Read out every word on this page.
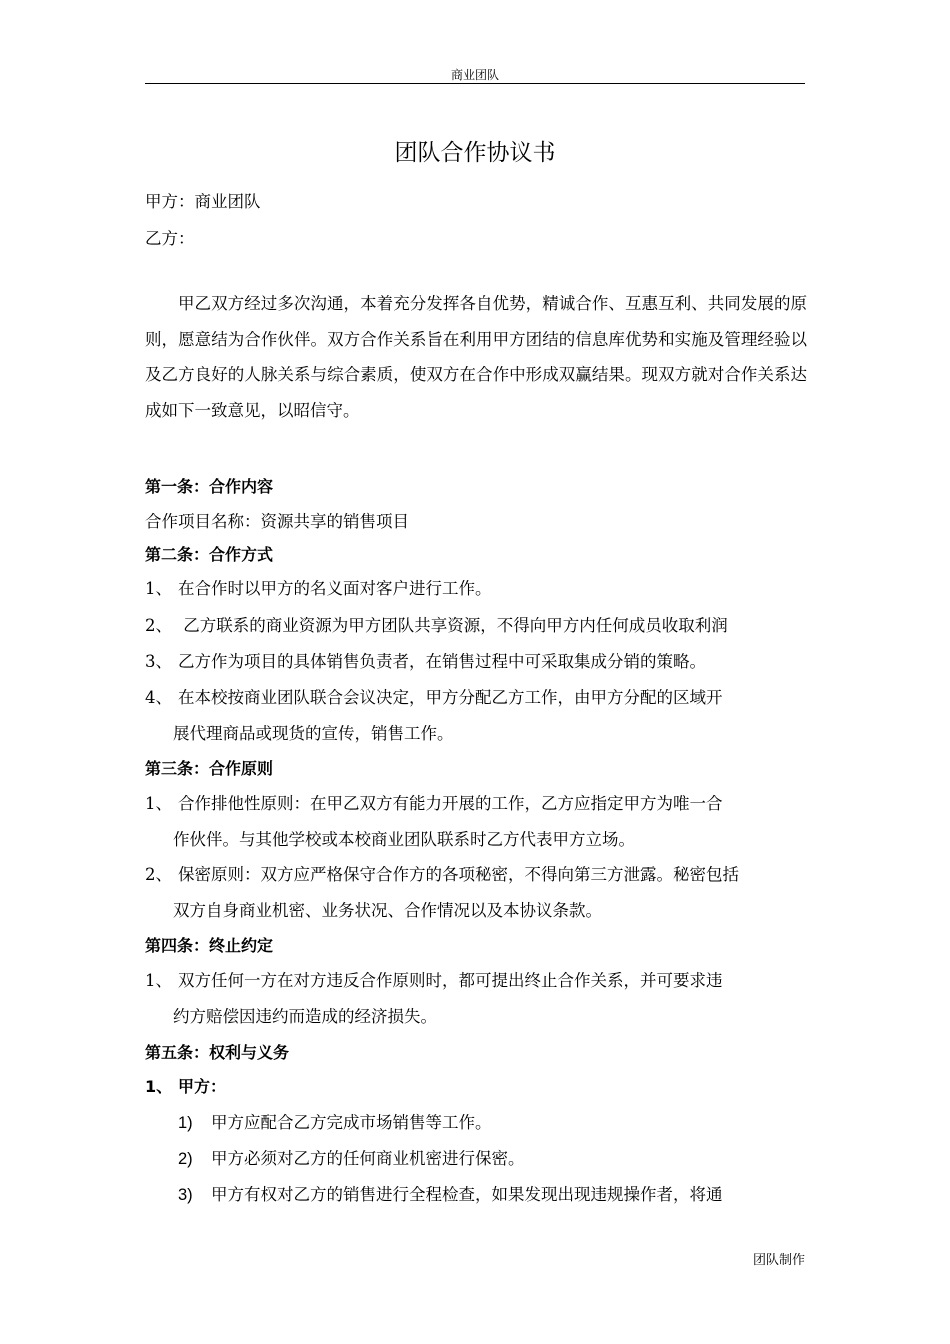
商业团队
团队合作协议书
甲方：商业团队
乙方：
甲乙双方经过多次沟通，本着充分发挥各自优势，精诚合作、互惠互利、共同发展的原则，愿意结为合作伙伴。双方合作关系旨在利用甲方团结的信息库优势和实施及管理经验以及乙方良好的人脉关系与综合素质，使双方在合作中形成双赢结果。现双方就对合作关系达成如下一致意见，以昭信守。
第一条：合作内容
合作项目名称：资源共享的销售项目
第二条：合作方式
1、 在合作时以甲方的名义面对客户进行工作。
2、 乙方联系的商业资源为甲方团队共享资源，不得向甲方内任何成员收取利润
3、 乙方作为项目的具体销售负责者，在销售过程中可采取集成分销的策略。
4、 在本校按商业团队联合会议决定，甲方分配乙方工作，由甲方分配的区域开
展代理商品或现货的宣传，销售工作。
第三条：合作原则
1、 合作排他性原则：在甲乙双方有能力开展的工作，乙方应指定甲方为唯一合
作伙伴。与其他学校或本校商业团队联系时乙方代表甲方立场。
2、 保密原则：双方应严格保守合作方的各项秘密，不得向第三方泄露。秘密包括
双方自身商业机密、业务状况、合作情况以及本协议条款。
第四条：终止约定
1、 双方任何一方在对方违反合作原则时，都可提出终止合作关系，并可要求违
约方赔偿因违约而造成的经济损失。
第五条：权利与义务
1、 甲方：
1) 甲方应配合乙方完成市场销售等工作。
2) 甲方必须对乙方的任何商业机密进行保密。
3) 甲方有权对乙方的销售进行全程检查，如果发现出现违规操作者，将通
团队制作
